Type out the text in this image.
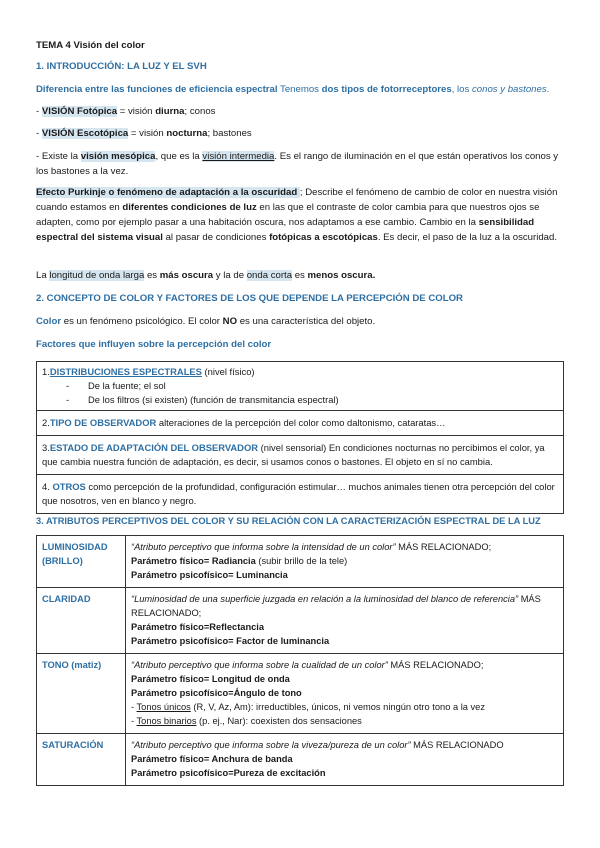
TEMA 4 Visión del color

1. INTRODUCCIÓN: LA LUZ Y EL SVH

Diferencia entre las funciones de eficiencia espectral Tenemos dos tipos de fotorreceptores, los conos y bastones.

- VISIÓN Fotópica = visión diurna; conos

- VISIÓN Escotópica = visión nocturna; bastones

- Existe la visión mesópica, que es la visión intermedia. Es el rango de iluminación en el que están operativos los conos y los bastones a la vez.

Efecto Purkinje o fenómeno de adaptación a la oscuridad ; Describe el fenómeno de cambio de color en nuestra visión cuando estamos en diferentes condiciones de luz en las que el contraste de color cambia para que nuestros ojos se adapten, como por ejemplo pasar a una habitación oscura, nos adaptamos a ese cambio. Cambio en la sensibilidad espectral del sistema visual al pasar de condiciones fotópicas a escotópicas. Es decir, el paso de la luz a la oscuridad.

La longitud de onda larga es más oscura y la de onda corta es menos oscura.

2. CONCEPTO DE COLOR Y FACTORES DE LOS QUE DEPENDE LA PERCEPCIÓN DE COLOR

Color es un fenómeno psicológico. El color NO es una característica del objeto.

Factores que influyen sobre la percepción del color

1.DISTRIBUCIONES ESPECTRALES (nivel físico)
- De la fuente; el sol
- De los filtros (si existen) (función de transmitancia espectral)

2.TIPO DE OBSERVADOR alteraciones de la percepción del color como daltonismo, cataratas…
3.ESTADO DE ADAPTACIÓN DEL OBSERVADOR (nivel sensorial) En condiciones nocturnas no percibimos el color, ya que cambia nuestra función de adaptación, es decir, si usamos conos o bastones. El objeto en sí no cambia.
4. OTROS como percepción de la profundidad, configuración estimular… muchos animales tienen otra percepción del color que nosotros, ven en blanco y negro.

3. ATRIBUTOS PERCEPTIVOS DEL COLOR Y SU RELACIÓN CON LA CARACTERIZACIÓN ESPECTRAL DE LA LUZ

LUMINOSIDAD (BRILLO)	“Atributo perceptivo que informa sobre la intensidad de un color” MÁS RELACIONADO;
Parámetro físico= Radiancia (subir brillo de la tele)
Parámetro psicofísico= Luminancia

CLARIDAD	“Luminosidad de una superficie juzgada en relación a la luminosidad del blanco de referencia” MÁS RELACIONADO;
Parámetro físico=Reflectancia
Parámetro psicofísico= Factor de luminancia

TONO (matiz)	“Atributo perceptivo que informa sobre la cualidad de un color” MÁS RELACIONADO;
Parámetro físico= Longitud de onda
Parámetro psicofísico=Ángulo de tono
- Tonos únicos (R, V, Az, Am): irreductibles, únicos, ni vemos ningún otro tono a la vez
- Tonos binarios (p. ej., Nar): coexisten dos sensaciones

SATURACIÓN	“Atributo perceptivo que informa sobre la viveza/pureza de un color” MÁS RELACIONADO
Parámetro físico= Anchura de banda
Parámetro psicofísico=Pureza de excitación
